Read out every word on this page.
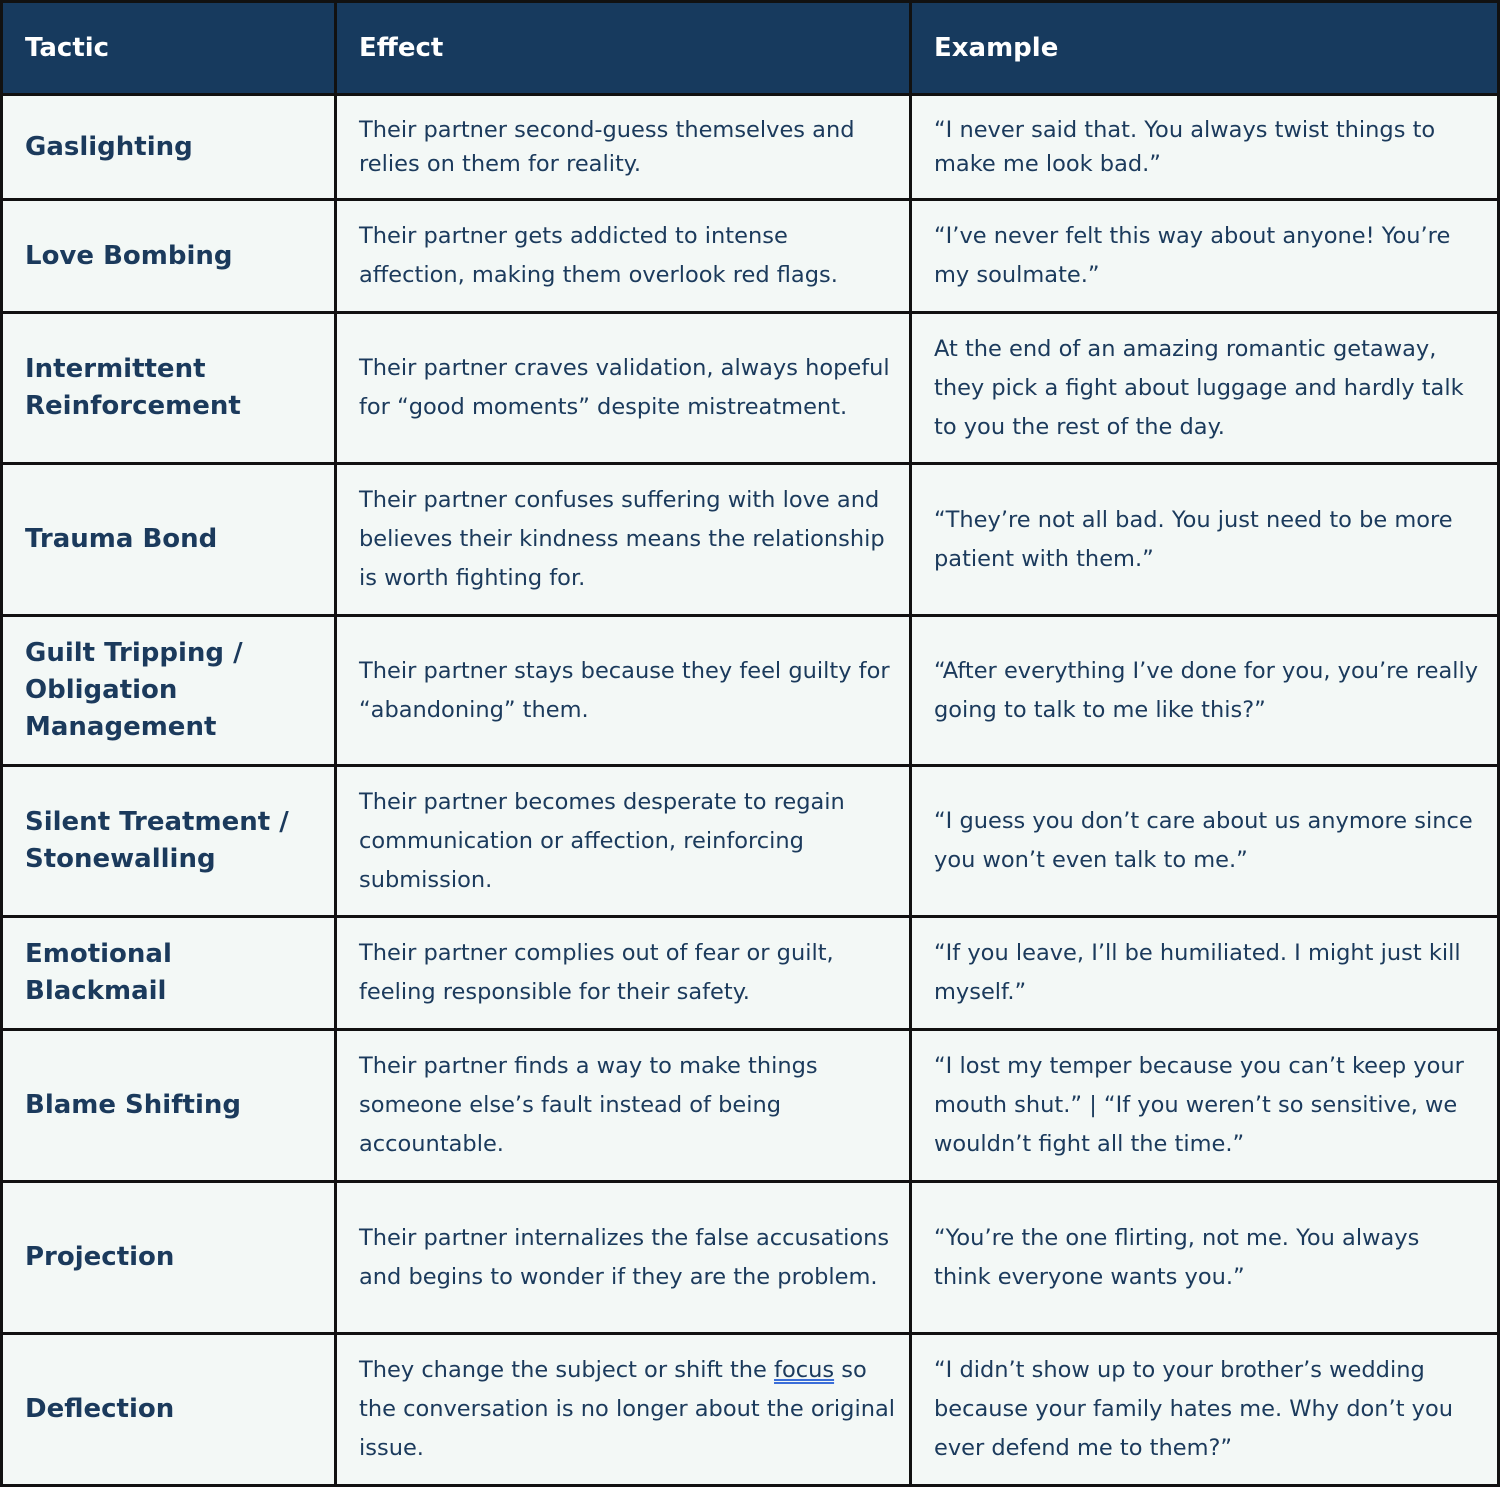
Tactic	Effect	Example
Gaslighting	Their partner second-guess themselves and relies on them for reality.	“I never said that. You always twist things to make me look bad.”
Love Bombing	Their partner gets addicted to intense affection, making them overlook red flags.	“I’ve never felt this way about anyone! You’re my soulmate.”
Intermittent Reinforcement	Their partner craves validation, always hopeful for “good moments” despite mistreatment.	At the end of an amazing romantic getaway, they pick a fight about luggage and hardly talk to you the rest of the day.
Trauma Bond	Their partner confuses suffering with love and believes their kindness means the relationship is worth fighting for.	“They’re not all bad. You just need to be more patient with them.”
Guilt Tripping / Obligation Management	Their partner stays because they feel guilty for “abandoning” them.	“After everything I’ve done for you, you’re really going to talk to me like this?”
Silent Treatment / Stonewalling	Their partner becomes desperate to regain communication or affection, reinforcing submission.	“I guess you don’t care about us anymore since you won’t even talk to me.”
Emotional Blackmail	Their partner complies out of fear or guilt, feeling responsible for their safety.	“If you leave, I’ll be humiliated. I might just kill myself.”
Blame Shifting	Their partner finds a way to make things someone else’s fault instead of being accountable.	“I lost my temper because you can’t keep your mouth shut.” | “If you weren’t so sensitive, we wouldn’t fight all the time.”
Projection	Their partner internalizes the false accusations and begins to wonder if they are the problem.	“You’re the one flirting, not me. You always think everyone wants you.”
Deflection	They change the subject or shift the focus so the conversation is no longer about the original issue.	“I didn’t show up to your brother’s wedding because your family hates me. Why don’t you ever defend me to them?”
